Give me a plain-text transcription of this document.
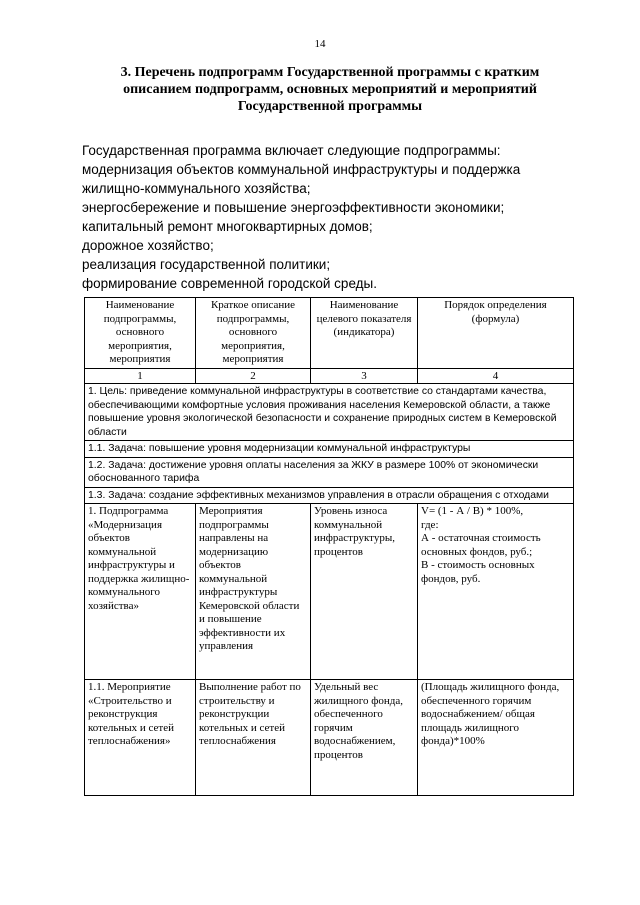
14
3. Перечень подпрограмм Государственной программы с кратким
описанием подпрограмм, основных мероприятий и мероприятий
Государственной программы
Государственная программа включает следующие подпрограммы:
модернизация объектов коммунальной инфраструктуры и поддержка
жилищно-коммунального хозяйства;
энергосбережение и повышение энергоэффективности экономики;
капитальный ремонт многоквартирных домов;
дорожное хозяйство;
реализация государственной политики;
формирование современной городской среды.
Наименование подпрограммы, основного мероприятия, мероприятия	Краткое описание подпрограммы, основного мероприятия, мероприятия	Наименование целевого показателя (индикатора)	Порядок определения (формула)
1	2	3	4
1. Цель: приведение коммунальной инфраструктуры в соответствие со стандартами качества, обеспечивающими комфортные условия проживания населения Кемеровской области, а также повышение уровня экологической безопасности и сохранение природных систем в Кемеровской области			
1.1. Задача: повышение уровня модернизации коммунальной инфраструктуры			
1.2. Задача: достижение уровня оплаты населения за ЖКУ в размере 100% от экономически обоснованного тарифа			
1.3. Задача: создание эффективных механизмов управления в отрасли обращения с отходами			
1. Подпрограмма «Модернизация объектов коммунальной инфраструктуры и поддержка жилищно-коммунального хозяйства»	Мероприятия подпрограммы направлены на модернизацию объектов коммунальной инфраструктуры Кемеровской области и повышение эффективности их управления	Уровень износа коммунальной инфраструктуры, процентов	V= (1 - А / В) * 100%,
где:
А - остаточная стоимость основных фондов, руб.;
В - стоимость основных фондов, руб.

1.1. Мероприятие «Строительство и реконструкция котельных и сетей теплоснабжения»	Выполнение работ по строительству и реконструкции котельных и сетей теплоснабжения	Удельный вес жилищного фонда, обеспеченного горячим водоснабжением, процентов	(Площадь жилищного фонда, обеспеченного горячим водоснабжением/ общая площадь жилищного фонда)*100%
